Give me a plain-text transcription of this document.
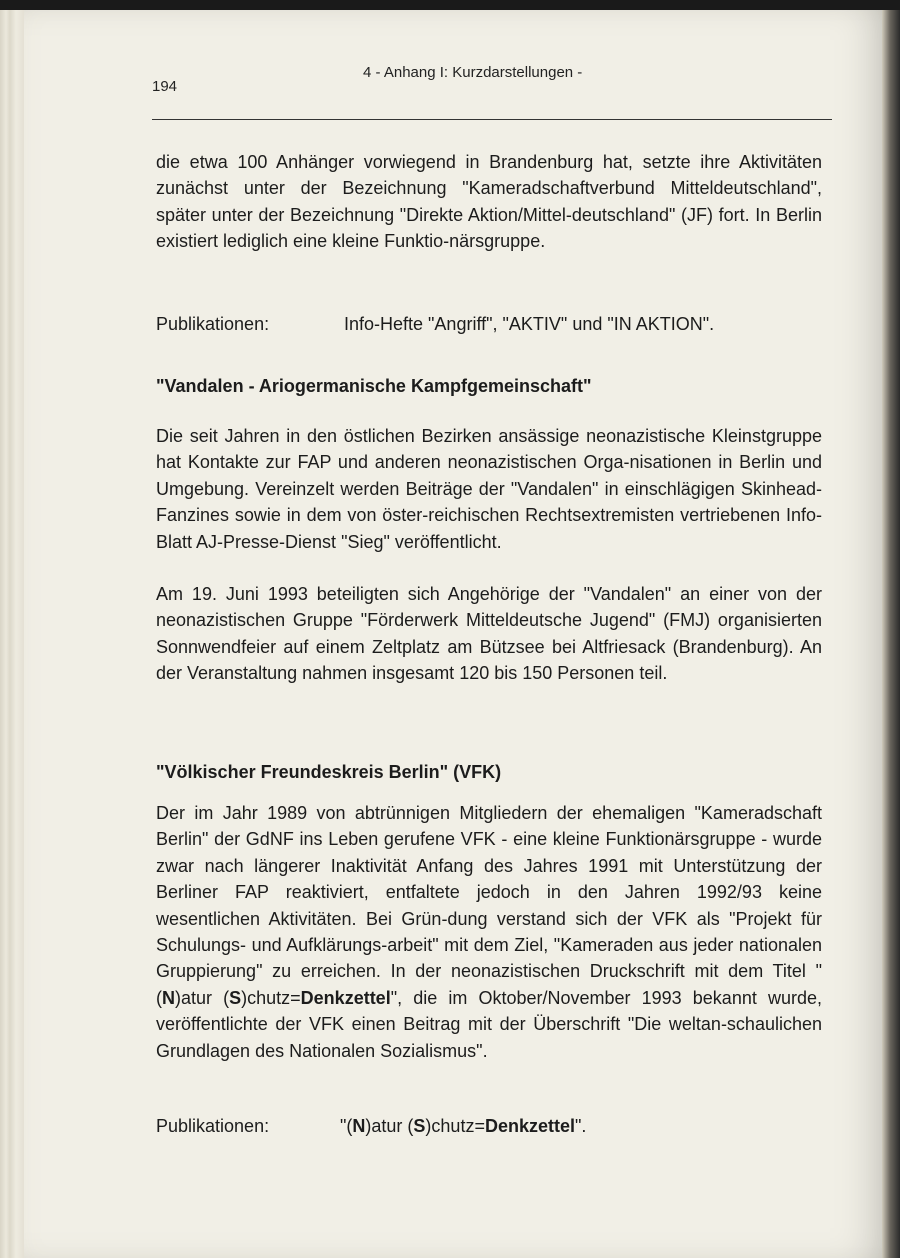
194
4 - Anhang I: Kurzdarstellungen -

die etwa 100 Anhänger vorwiegend in Brandenburg hat, setzte ihre Aktivitäten zunächst unter der Bezeichnung "Kameradschaftverbund Mitteldeutschland", später unter der Bezeichnung "Direkte Aktion/Mittel-deutschland" (JF) fort. In Berlin existiert lediglich eine kleine Funktio-närsgruppe.

Publikationen:	Info-Hefte "Angriff", "AKTIV" und "IN AKTION".
"Vandalen - Ariogermanische Kampfgemeinschaft"

Die seit Jahren in den östlichen Bezirken ansässige neonazistische Kleinstgruppe hat Kontakte zur FAP und anderen neonazistischen Orga-nisationen in Berlin und Umgebung. Vereinzelt werden Beiträge der "Vandalen" in einschlägigen Skinhead-Fanzines sowie in dem von öster-reichischen Rechtsextremisten vertriebenen Info-Blatt AJ-Presse-Dienst "Sieg" veröffentlicht.

Am 19. Juni 1993 beteiligten sich Angehörige der "Vandalen" an einer von der neonazistischen Gruppe "Förderwerk Mitteldeutsche Jugend" (FMJ) organisierten Sonnwendfeier auf einem Zeltplatz am Bützsee bei Altfriesack (Brandenburg). An der Veranstaltung nahmen insgesamt 120 bis 150 Personen teil.

"Völkischer Freundeskreis Berlin" (VFK)

Der im Jahr 1989 von abtrünnigen Mitgliedern der ehemaligen "Kameradschaft Berlin" der GdNF ins Leben gerufene VFK - eine kleine Funktionärsgruppe - wurde zwar nach längerer Inaktivität Anfang des Jahres 1991 mit Unterstützung der Berliner FAP reaktiviert, entfaltete jedoch in den Jahren 1992/93 keine wesentlichen Aktivitäten. Bei Grün-dung verstand sich der VFK als "Projekt für Schulungs- und Aufklärungs-arbeit" mit dem Ziel, "Kameraden aus jeder nationalen Gruppierung" zu erreichen. In der neonazistischen Druckschrift mit dem Titel "(N)atur (S)chutz=Denkzettel", die im Oktober/November 1993 bekannt wurde, veröffentlichte der VFK einen Beitrag mit der Überschrift "Die weltan-schaulichen Grundlagen des Nationalen Sozialismus".

Publikationen:	"(N)atur (S)chutz=Denkzettel".
